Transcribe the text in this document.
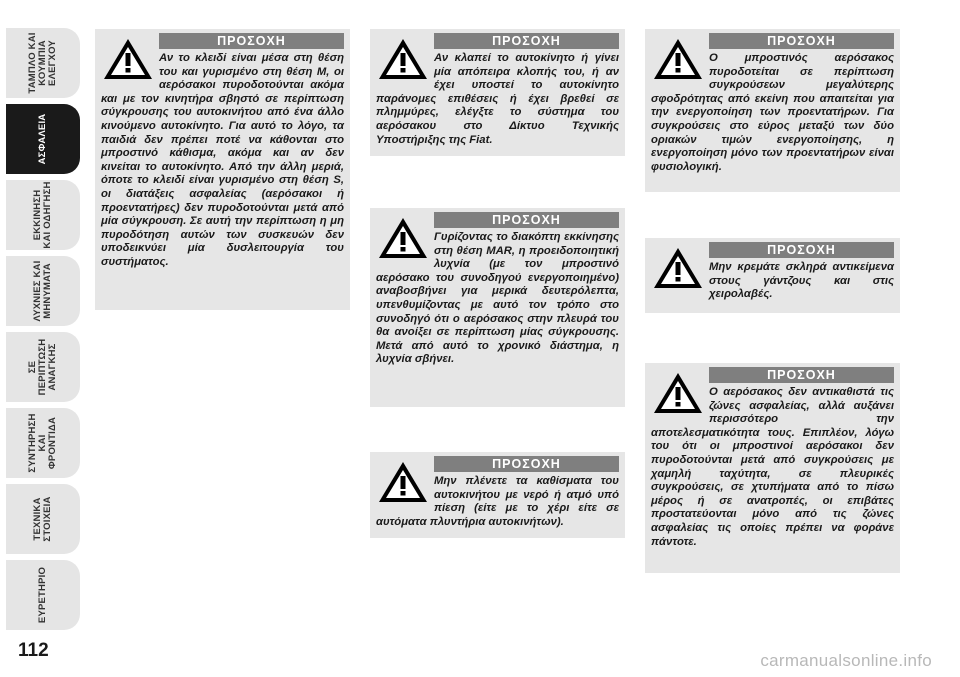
ΤΑΜΠΛΟ ΚΑΙ ΚΟΥΜΠΙΑ ΕΛΕΓΧΟΥ
ΑΣΦΑΛΕΙΑ
ΕΚΚΙΝΗΣΗ ΚΑΙ ΟΔΗΓΗΣΗ
ΛΥΧΝΙΕΣ ΚΑΙ ΜΗΝΥΜΑΤΑ
ΣΕ ΠΕΡΙΠΤΩΣΗ ΑΝΑΓΚΗΣ
ΣΥΝΤΗΡΗΣΗ ΚΑΙ ΦΡΟΝΤΙΔΑ
ΤΕΧΝΙΚΑ ΣΤΟΙΧΕΙΑ
ΕΥΡΕΤΗΡΙΟ
112	carmanualsonline.info
ΠΡΟΣΟΧΗ
Αν το κλειδί είναι μέσα στη θέση του και γυρισμένο στη θέση M, οι αερόσακοι πυροδοτούνται ακόμα και με τον κινητήρα σβηστό σε περίπτωση σύγκρουσης του αυτοκινήτου από ένα άλλο κινούμενο αυτοκίνητο. Για αυτό το λόγο, τα παιδιά δεν πρέπει ποτέ να κάθονται στο μπροστινό κάθισμα, ακόμα και αν δεν κινείται το αυτοκίνητο. Από την άλλη μεριά, όποτε το κλειδί είναι γυρισμένο στη θέση S, οι διατάξεις ασφαλείας (αερόσακοι ή προεντατήρες) δεν πυροδοτούνται μετά από μία σύγκρουση. Σε αυτή την περίπτωση η μη πυροδότηση αυτών των συσκευών δεν υποδεικνύει μία δυσλειτουργία του συστήματος.
ΠΡΟΣΟΧΗ
Αν κλαπεί το αυτοκίνητο ή γίνει μία απόπειρα κλοπής του, ή αν έχει υποστεί το αυτοκίνητο παράνομες επιθέσεις ή έχει βρεθεί σε πλημμύρες, ελέγξτε το σύστημα του αερόσακου στο Δίκτυο Τεχνικής Υποστήριξης της Fiat.
ΠΡΟΣΟΧΗ
Γυρίζοντας το διακόπτη εκκίνησης στη θέση MAR, η προειδοποιητική λυχνία (με τον μπροστινό αερόσακο του συνοδηγού ενεργοποιημένο) αναβοσβήνει για μερικά δευτερόλεπτα, υπενθυμίζοντας με αυτό τον τρόπο στο συνοδηγό ότι ο αερόσακος στην πλευρά του θα ανοίξει σε περίπτωση μίας σύγκρουσης. Μετά από αυτό το χρονικό διάστημα, η λυχνία σβήνει.
ΠΡΟΣΟΧΗ
Μην πλένετε τα καθίσματα του αυτοκινήτου με νερό ή ατμό υπό πίεση (είτε με το χέρι είτε σε αυτόματα πλυντήρια αυτοκινήτων).
ΠΡΟΣΟΧΗ
Ο μπροστινός αερόσακος πυροδοτείται σε περίπτωση συγκρούσεων μεγαλύτερης σφοδρότητας από εκείνη που απαιτείται για την ενεργοποίηση των προεντατήρων. Για συγκρούσεις στο εύρος μεταξύ των δύο οριακών τιμών ενεργοποίησης, η ενεργοποίηση μόνο των προεντατήρων είναι φυσιολογική.
ΠΡΟΣΟΧΗ
Μην κρεμάτε σκληρά αντικείμενα στους γάντζους και στις χειρολαβές.
ΠΡΟΣΟΧΗ
Ο αερόσακος δεν αντικαθιστά τις ζώνες ασφαλείας, αλλά αυξάνει περισσότερο την αποτελεσματικότητα τους. Επιπλέον, λόγω του ότι οι μπροστινοί αερόσακοι δεν πυροδοτούνται μετά από συγκρούσεις με χαμηλή ταχύτητα, σε πλευρικές συγκρούσεις, σε χτυπήματα από το πίσω μέρος ή σε ανατροπές, οι επιβάτες προστατεύονται μόνο από τις ζώνες ασφαλείας τις οποίες πρέπει να φοράνε πάντοτε.
